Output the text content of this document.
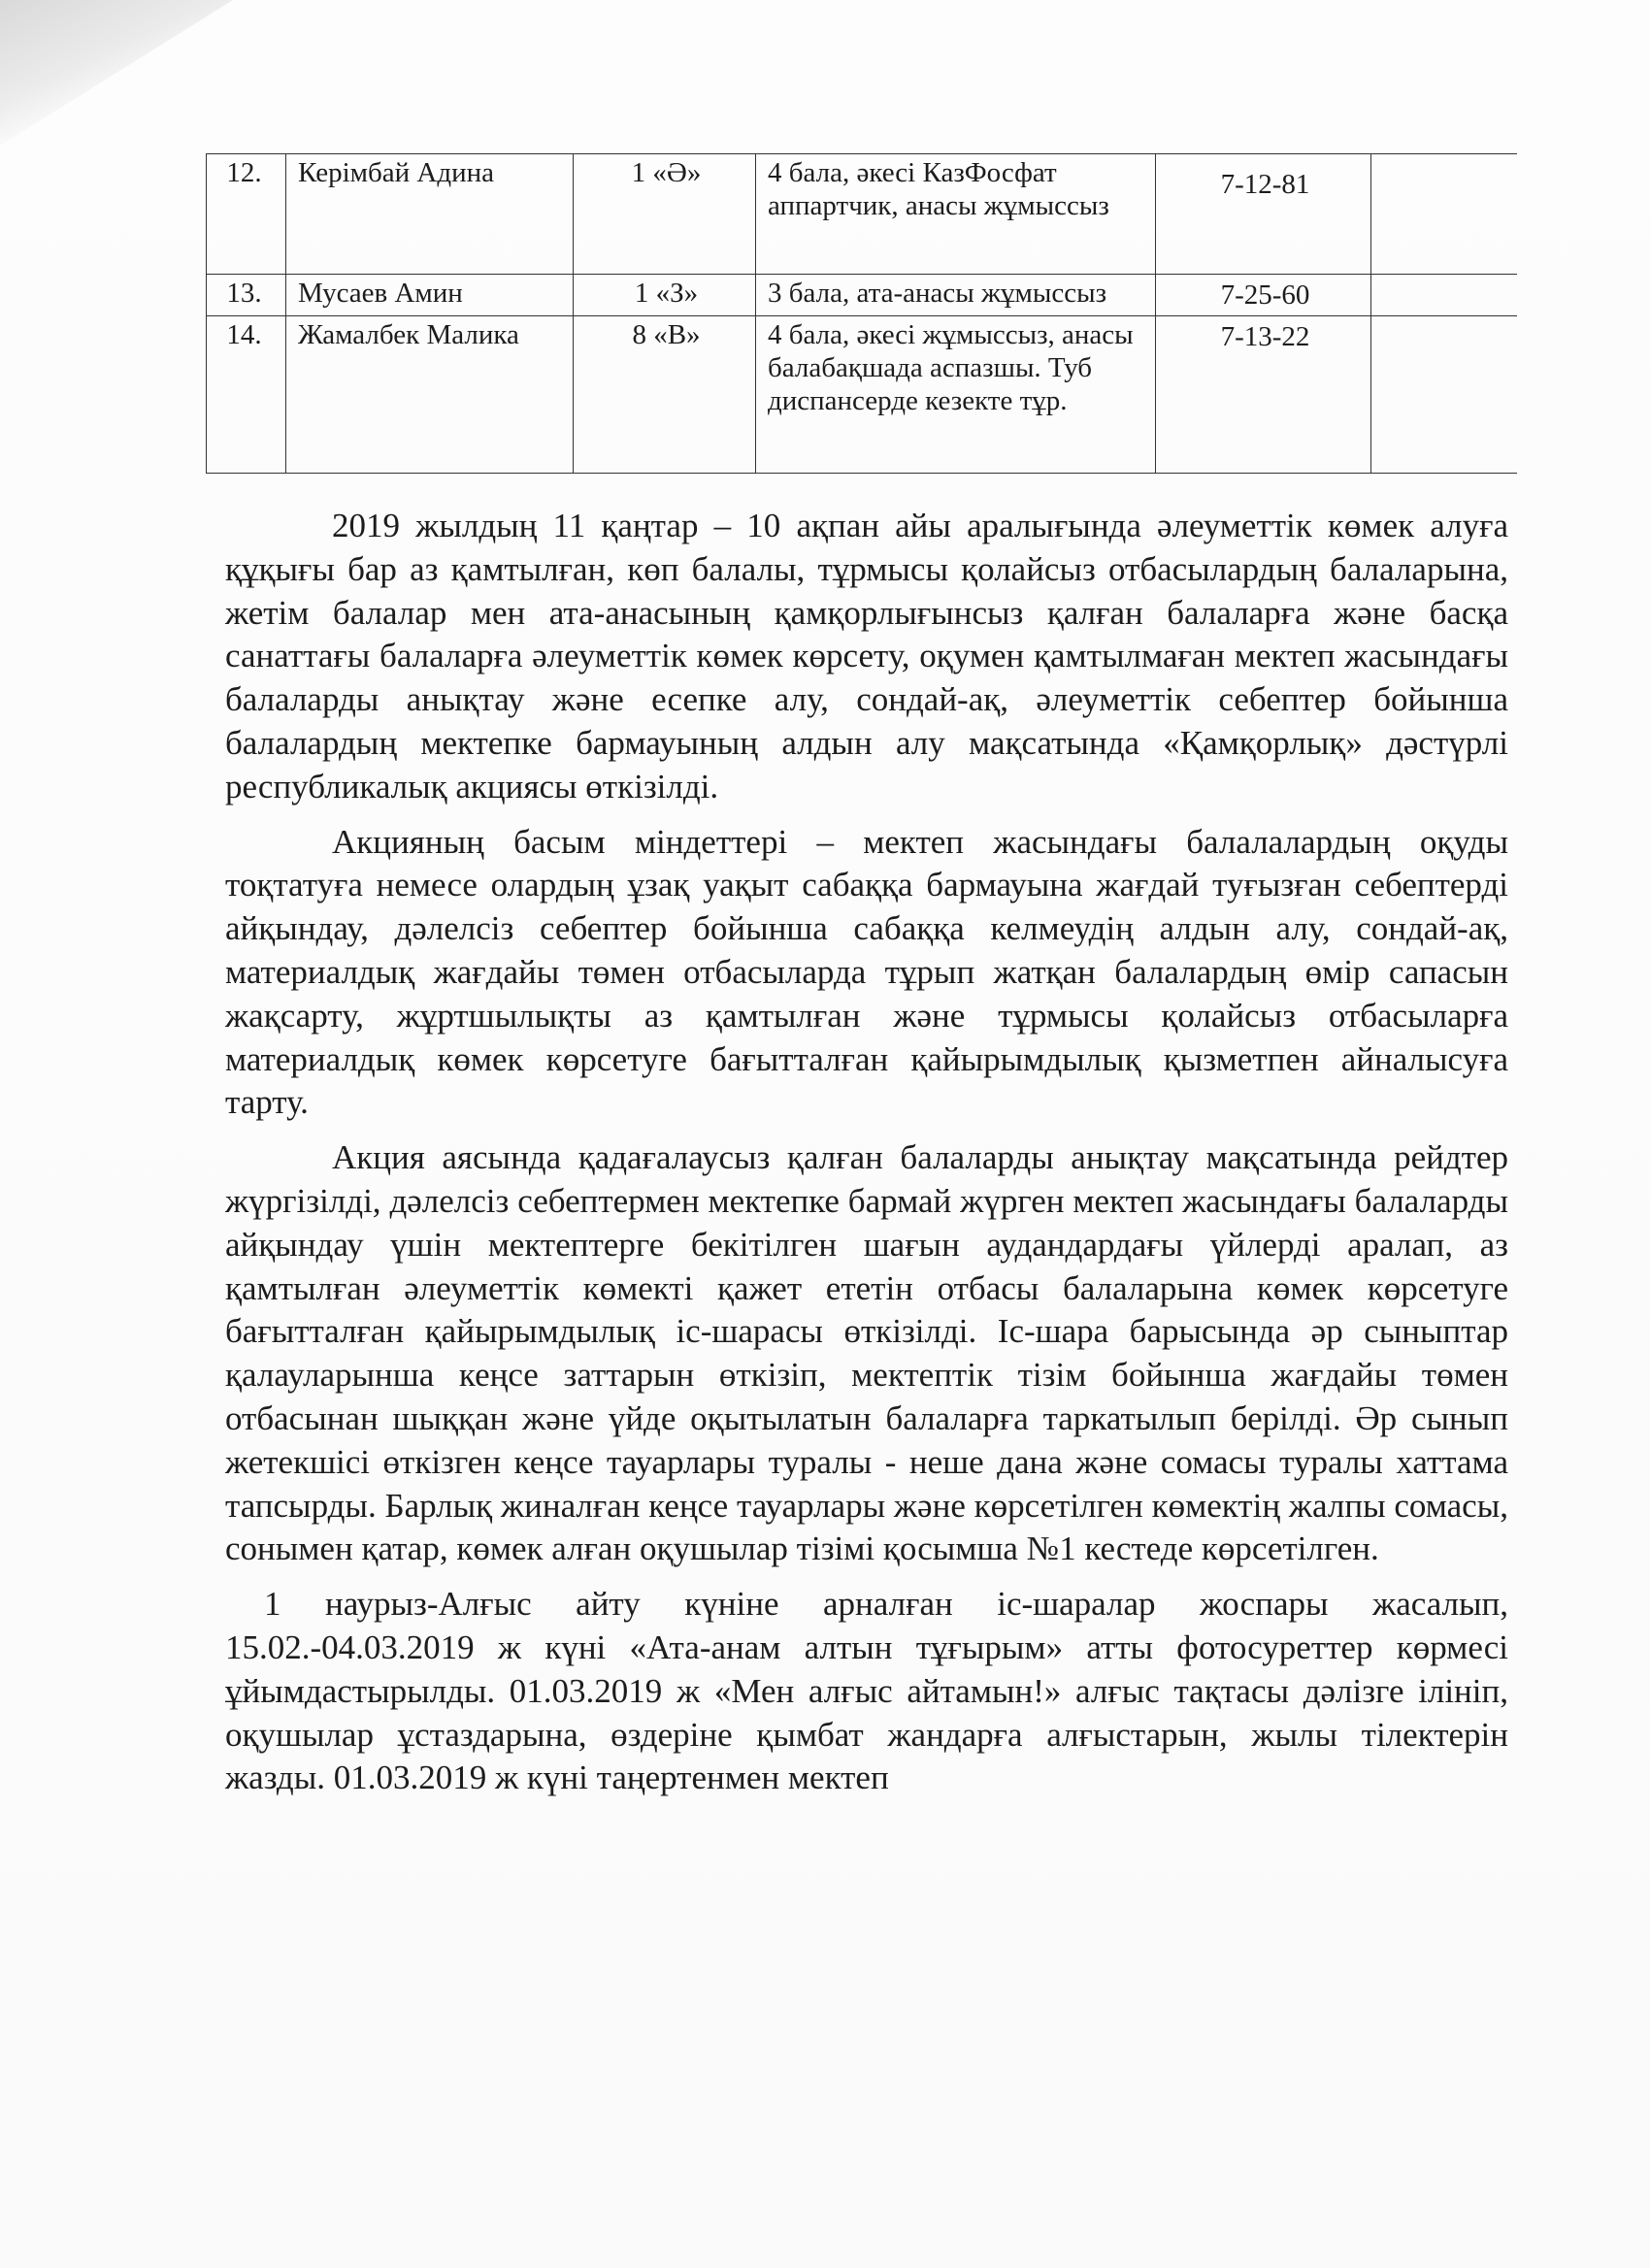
12.	Керімбай Адина	1 «Ә»	4 бала, әкесі КазФосфат аппартчик, анасы жұмыссыз	7-12-81	
13.	Мусаев Амин	1 «З»	3 бала, ата-анасы жұмыссыз	7-25-60	
14.	Жамалбек Малика	8 «В»	4 бала, әкесі жұмыссыз, анасы балабақшада аспазшы. Туб диспансерде кезекте тұр.	7-13-22	

2019 жылдың 11 қаңтар – 10 ақпан айы аралығында әлеуметтік көмек алуға құқығы бар аз қамтылған, көп балалы, тұрмысы қолайсыз отбасылардың балаларына, жетім балалар мен ата-анасының қамқорлығынсыз қалған балаларға және басқа санаттағы балаларға әлеуметтік көмек көрсету, оқумен қамтылмаған мектеп жасындағы балаларды анықтау және есепке алу, сондай-ақ, әлеуметтік себептер бойынша балалардың мектепке бармауының алдын алу мақсатында «Қамқорлық» дәстүрлі республикалық акциясы өткізілді.

Акцияның басым міндеттері – мектеп жасындағы балалалардың оқуды тоқтатуға немесе олардың ұзақ уақыт сабаққа бармауына жағдай туғызған себептерді айқындау, дәлелсіз себептер бойынша сабаққа келмеудің алдын алу, сондай-ақ, материалдық жағдайы төмен отбасыларда тұрып жатқан балалардың өмір сапасын жақсарту, жұртшылықты аз қамтылған және тұрмысы қолайсыз отбасыларға материалдық көмек көрсетуге бағытталған қайырымдылық қызметпен айналысуға тарту.

Акция аясында қадағалаусыз қалған балаларды анықтау мақсатында рейдтер жүргізілді, дәлелсіз себептермен мектепке бармай жүрген мектеп жасындағы балаларды айқындау үшін мектептерге бекітілген шағын аудандардағы үйлерді аралап, аз қамтылған әлеуметтік көмекті қажет ететін отбасы балаларына көмек көрсетуге бағытталған қайырымдылық іс-шарасы өткізілді. Іс-шара барысында әр сыныптар қалауларынша кеңсе заттарын өткізіп, мектептік тізім бойынша жағдайы төмен отбасынан шыққан және үйде оқытылатын балаларға таркатылып берілді. Әр сынып жетекшісі өткізген кеңсе тауарлары туралы - неше дана және сомасы туралы хаттама тапсырды. Барлық жиналған кеңсе тауарлары және көрсетілген көмектің жалпы сомасы, сонымен қатар, көмек алған оқушылар тізімі қосымша №1 кестеде көрсетілген.

1 наурыз-Алғыс айту күніне арналған іс-шаралар жоспары жасалып, 15.02.-04.03.2019 ж күні «Ата-анам алтын тұғырым» атты фотосуреттер көрмесі ұйымдастырылды. 01.03.2019 ж «Мен алғыс айтамын!» алғыс тақтасы дәлізге ілініп, оқушылар ұстаздарына, өздеріне қымбат жандарға алғыстарын, жылы тілектерін жазды. 01.03.2019 ж күні таңертенмен мектеп
